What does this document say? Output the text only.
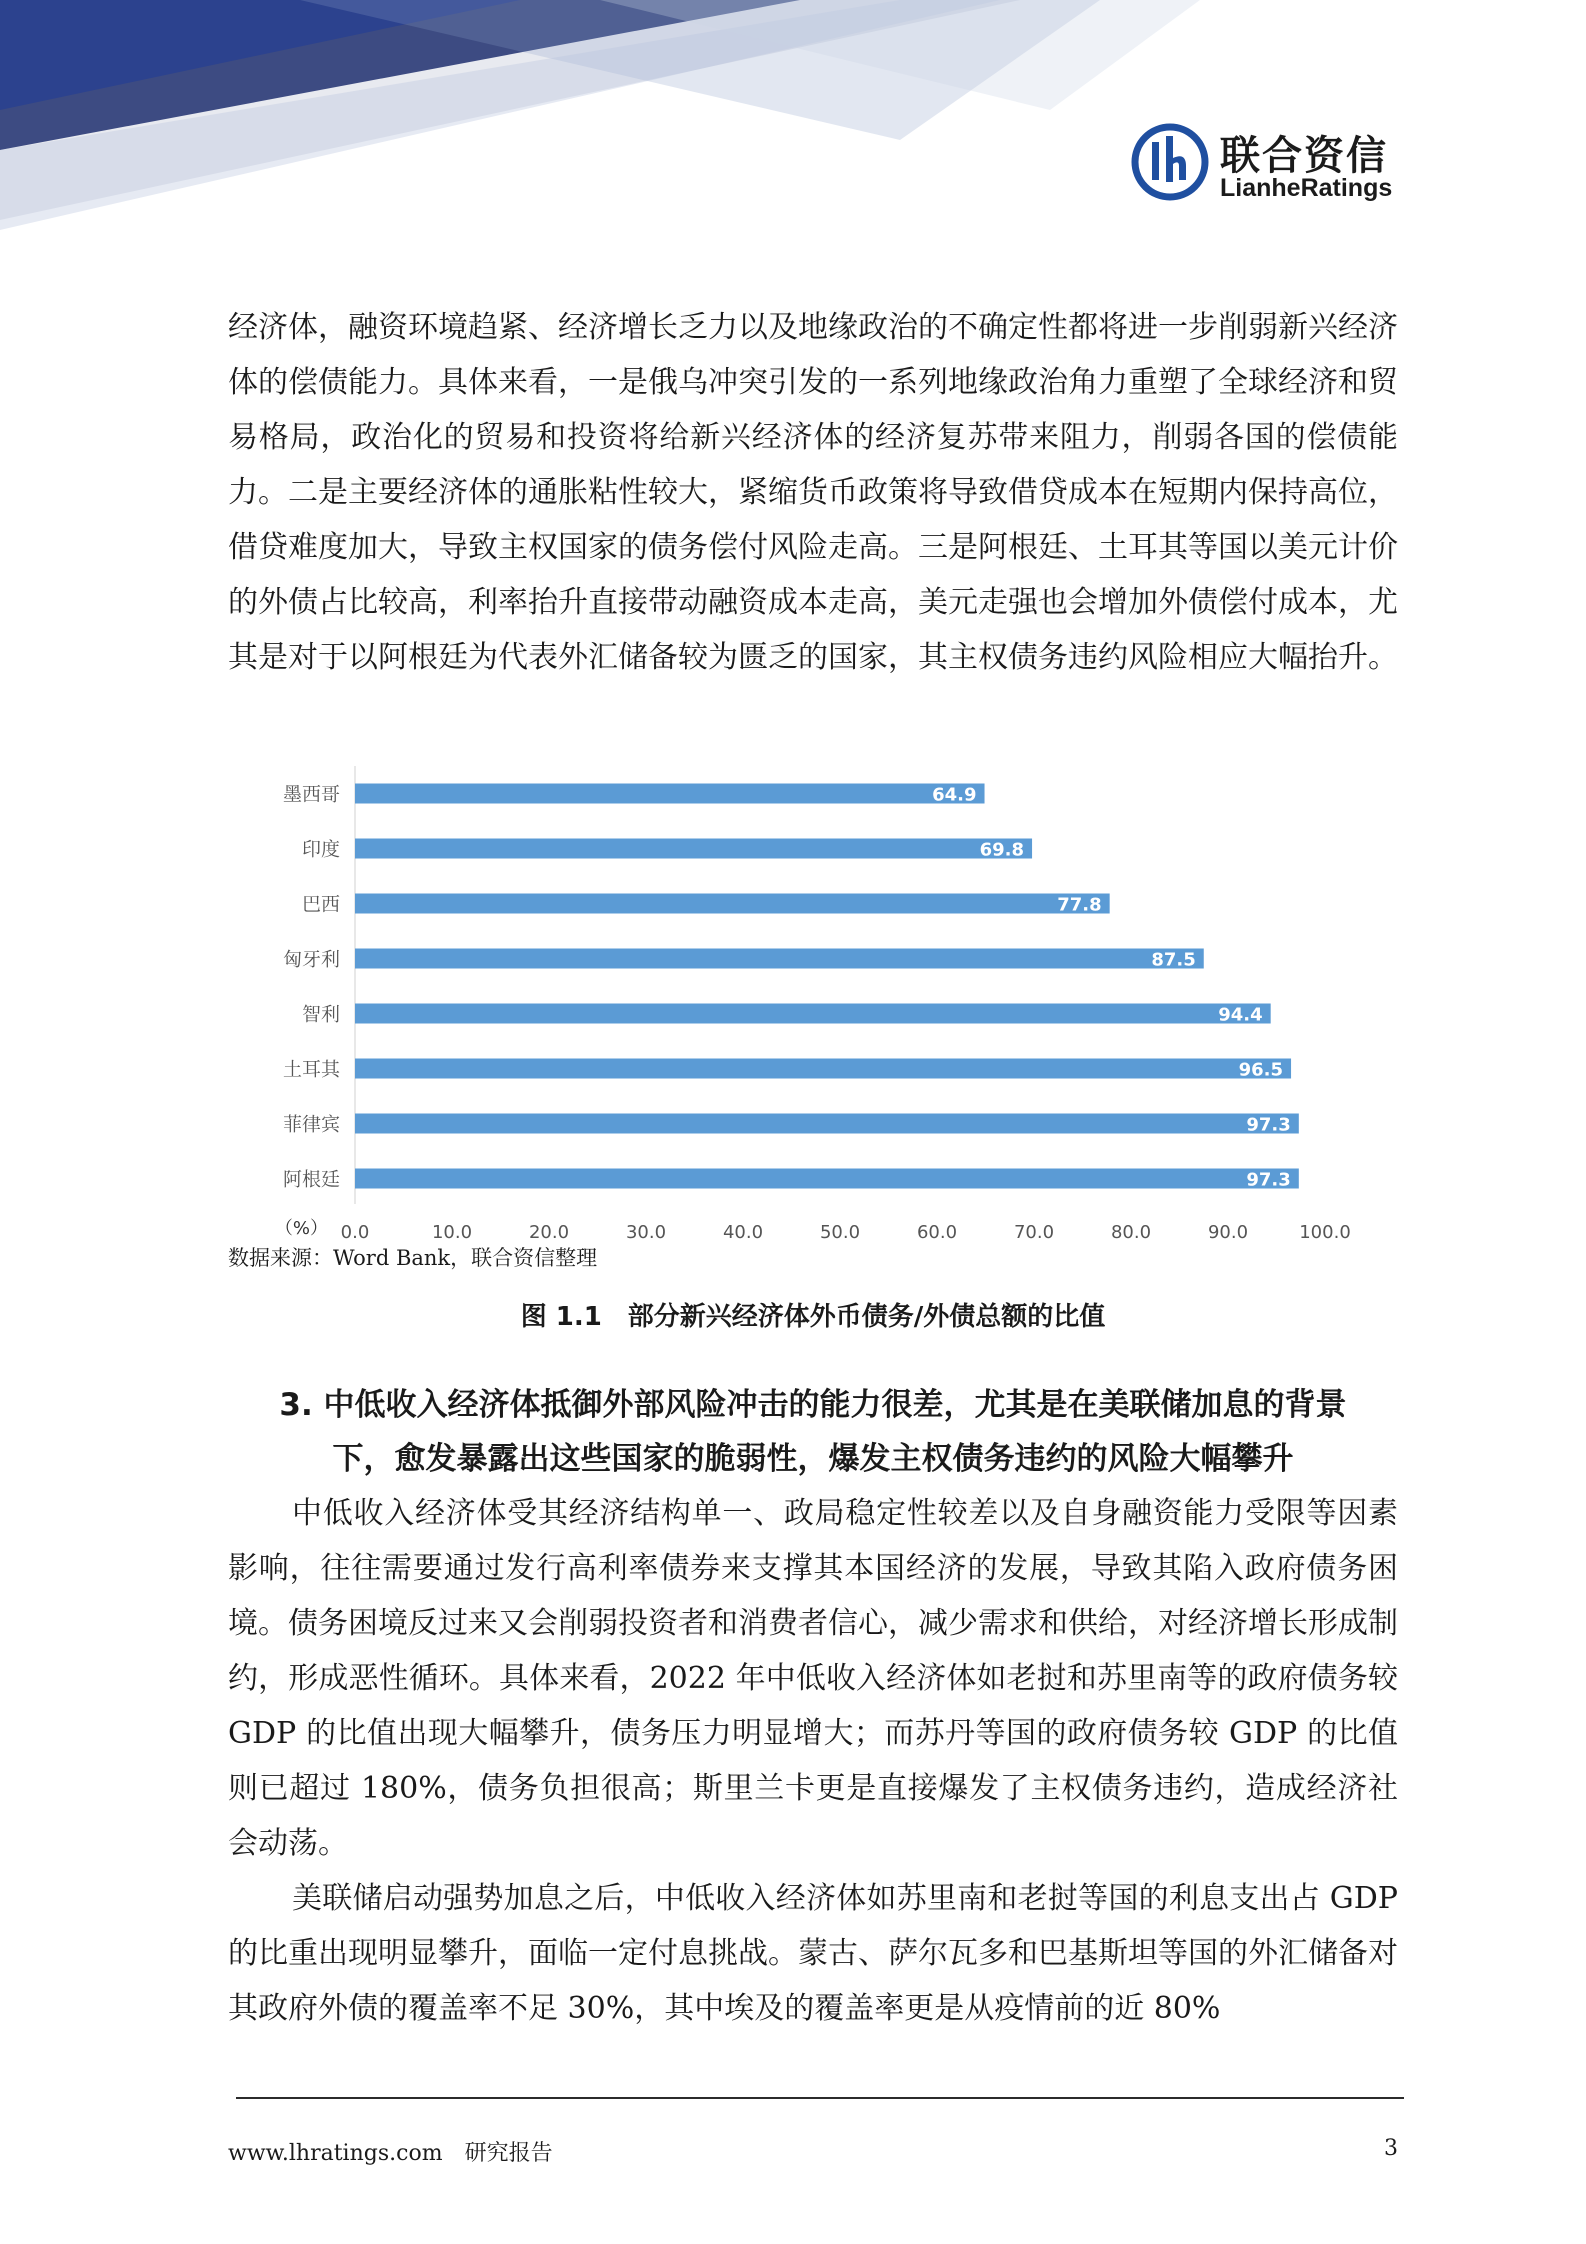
联合资信
LianheRatings

经济体，融资环境趋紧、经济增长乏力以及地缘政治的不确定性都将进一步削弱新兴经济体的偿债能力。具体来看，一是俄乌冲突引发的一系列地缘政治角力重塑了全球经济和贸易格局，政治化的贸易和投资将给新兴经济体的经济复苏带来阻力，削弱各国的偿债能力。二是主要经济体的通胀粘性较大，紧缩货币政策将导致借贷成本在短期内保持高位，借贷难度加大，导致主权国家的债务偿付风险走高。三是阿根廷、土耳其等国以美元计价的外债占比较高，利率抬升直接带动融资成本走高，美元走强也会增加外债偿付成本，尤其是对于以阿根廷为代表外汇储备较为匮乏的国家，其主权债务违约风险相应大幅抬升。

墨西哥
印度
巴西
匈牙利
智利
土耳其
菲律宾
阿根廷
0.0	10.0	20.0	30.0	40.0	50.0	60.0	70.0	80.0	90.0	100.0
（%）
64.9
69.8
77.8
87.5
94.4
96.5
97.3
97.3
数据来源：Word Bank，联合资信整理
图 1.1　部分新兴经济体外币债务/外债总额的比值
3. 中低收入经济体抵御外部风险冲击的能力很差，尤其是在美联储加息的背景
下，愈发暴露出这些国家的脆弱性，爆发主权债务违约的风险大幅攀升

中低收入经济体受其经济结构单一、政局稳定性较差以及自身融资能力受限等因素影响，往往需要通过发行高利率债券来支撑其本国经济的发展，导致其陷入政府债务困境。债务困境反过来又会削弱投资者和消费者信心，减少需求和供给，对经济增长形成制约，形成恶性循环。具体来看，2022 年中低收入经济体如老挝和苏里南等的政府债务较 GDP 的比值出现大幅攀升，债务压力明显增大；而苏丹等国的政府债务较 GDP 的比值则已超过 180%，债务负担很高；斯里兰卡更是直接爆发了主权债务违约，造成经济社会动荡。

美联储启动强势加息之后，中低收入经济体如苏里南和老挝等国的利息支出占 GDP 的比重出现明显攀升，面临一定付息挑战。蒙古、萨尔瓦多和巴基斯坦等国的外汇储备对其政府外债的覆盖率不足 30%，其中埃及的覆盖率更是从疫情前的近 80%

www.lhratings.com 研究报告	3
